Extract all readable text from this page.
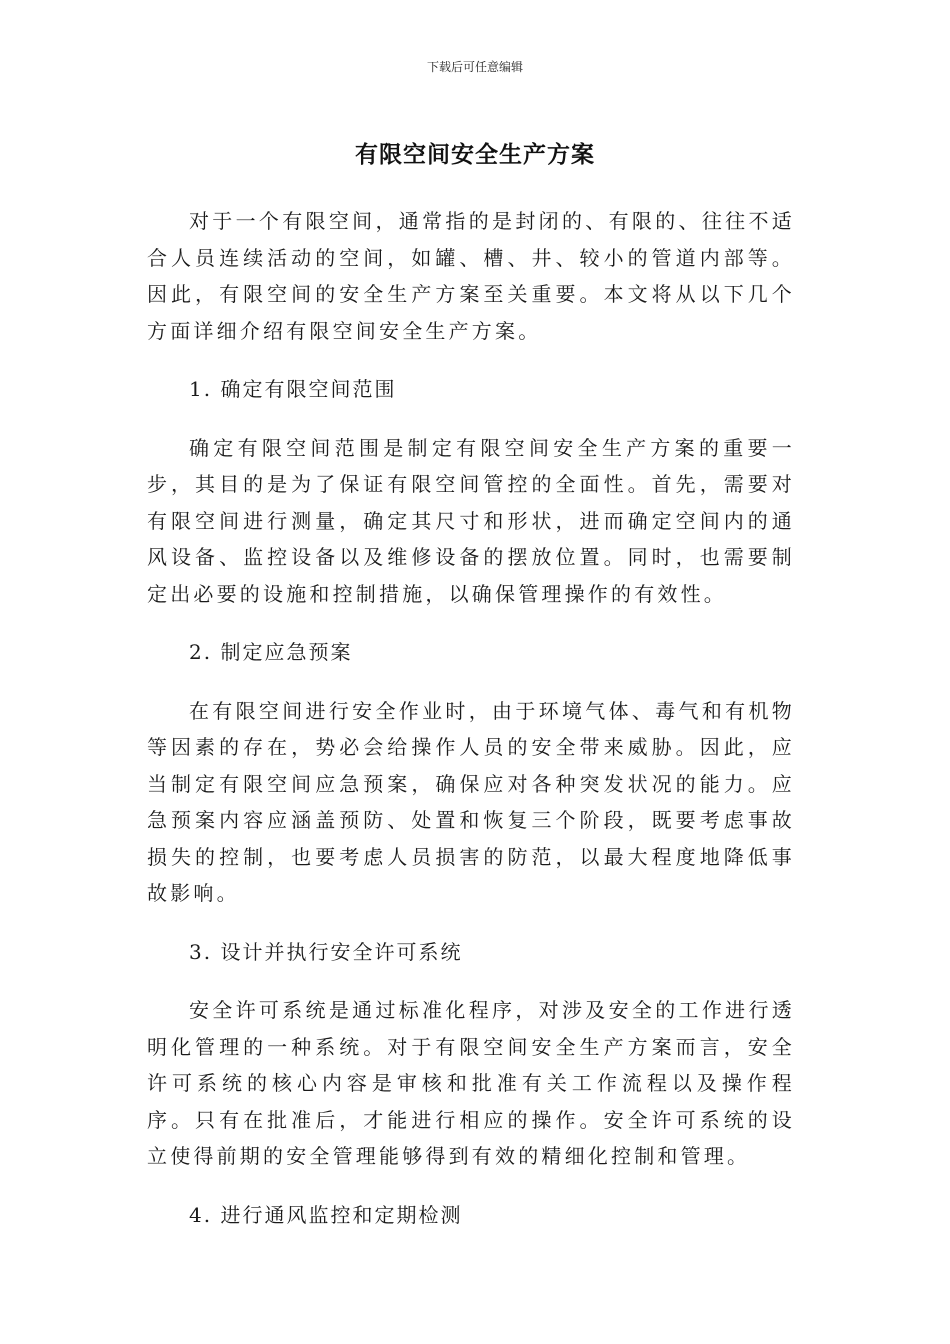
下载后可任意编辑
有限空间安全生产方案

对于一个有限空间，通常指的是封闭的、有限的、往往不适合人员连续活动的空间，如罐、槽、井、较小的管道内部等。因此，有限空间的安全生产方案至关重要。本文将从以下几个方面详细介绍有限空间安全生产方案。

1. 确定有限空间范围

确定有限空间范围是制定有限空间安全生产方案的重要一步，其目的是为了保证有限空间管控的全面性。首先，需要对有限空间进行测量，确定其尺寸和形状，进而确定空间内的通风设备、监控设备以及维修设备的摆放位置。同时，也需要制定出必要的设施和控制措施，以确保管理操作的有效性。

2. 制定应急预案

在有限空间进行安全作业时，由于环境气体、毒气和有机物等因素的存在，势必会给操作人员的安全带来威胁。因此，应当制定有限空间应急预案，确保应对各种突发状况的能力。应急预案内容应涵盖预防、处置和恢复三个阶段，既要考虑事故损失的控制，也要考虑人员损害的防范，以最大程度地降低事故影响。

3. 设计并执行安全许可系统

安全许可系统是通过标准化程序，对涉及安全的工作进行透明化管理的一种系统。对于有限空间安全生产方案而言，安全许可系统的核心内容是审核和批准有关工作流程以及操作程序。只有在批准后，才能进行相应的操作。安全许可系统的设立使得前期的安全管理能够得到有效的精细化控制和管理。

4. 进行通风监控和定期检测
